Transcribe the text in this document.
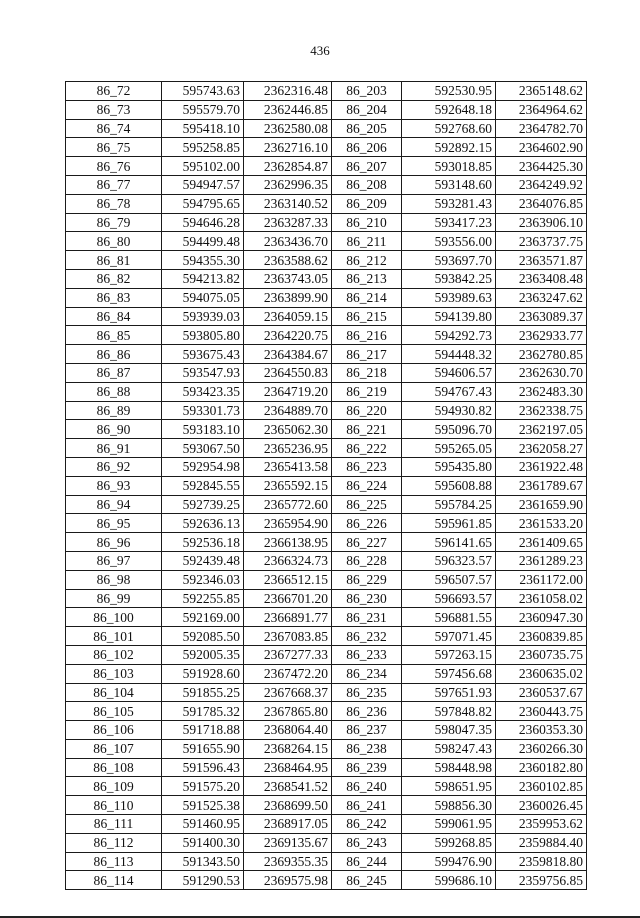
436
86_72	595743.63	2362316.48	86_203	592530.95	2365148.62
86_73	595579.70	2362446.85	86_204	592648.18	2364964.62
86_74	595418.10	2362580.08	86_205	592768.60	2364782.70
86_75	595258.85	2362716.10	86_206	592892.15	2364602.90
86_76	595102.00	2362854.87	86_207	593018.85	2364425.30
86_77	594947.57	2362996.35	86_208	593148.60	2364249.92
86_78	594795.65	2363140.52	86_209	593281.43	2364076.85
86_79	594646.28	2363287.33	86_210	593417.23	2363906.10
86_80	594499.48	2363436.70	86_211	593556.00	2363737.75
86_81	594355.30	2363588.62	86_212	593697.70	2363571.87
86_82	594213.82	2363743.05	86_213	593842.25	2363408.48
86_83	594075.05	2363899.90	86_214	593989.63	2363247.62
86_84	593939.03	2364059.15	86_215	594139.80	2363089.37
86_85	593805.80	2364220.75	86_216	594292.73	2362933.77
86_86	593675.43	2364384.67	86_217	594448.32	2362780.85
86_87	593547.93	2364550.83	86_218	594606.57	2362630.70
86_88	593423.35	2364719.20	86_219	594767.43	2362483.30
86_89	593301.73	2364889.70	86_220	594930.82	2362338.75
86_90	593183.10	2365062.30	86_221	595096.70	2362197.05
86_91	593067.50	2365236.95	86_222	595265.05	2362058.27
86_92	592954.98	2365413.58	86_223	595435.80	2361922.48
86_93	592845.55	2365592.15	86_224	595608.88	2361789.67
86_94	592739.25	2365772.60	86_225	595784.25	2361659.90
86_95	592636.13	2365954.90	86_226	595961.85	2361533.20
86_96	592536.18	2366138.95	86_227	596141.65	2361409.65
86_97	592439.48	2366324.73	86_228	596323.57	2361289.23
86_98	592346.03	2366512.15	86_229	596507.57	2361172.00
86_99	592255.85	2366701.20	86_230	596693.57	2361058.02
86_100	592169.00	2366891.77	86_231	596881.55	2360947.30
86_101	592085.50	2367083.85	86_232	597071.45	2360839.85
86_102	592005.35	2367277.33	86_233	597263.15	2360735.75
86_103	591928.60	2367472.20	86_234	597456.68	2360635.02
86_104	591855.25	2367668.37	86_235	597651.93	2360537.67
86_105	591785.32	2367865.80	86_236	597848.82	2360443.75
86_106	591718.88	2368064.40	86_237	598047.35	2360353.30
86_107	591655.90	2368264.15	86_238	598247.43	2360266.30
86_108	591596.43	2368464.95	86_239	598448.98	2360182.80
86_109	591575.20	2368541.52	86_240	598651.95	2360102.85
86_110	591525.38	2368699.50	86_241	598856.30	2360026.45
86_111	591460.95	2368917.05	86_242	599061.95	2359953.62
86_112	591400.30	2369135.67	86_243	599268.85	2359884.40
86_113	591343.50	2369355.35	86_244	599476.90	2359818.80
86_114	591290.53	2369575.98	86_245	599686.10	2359756.85
